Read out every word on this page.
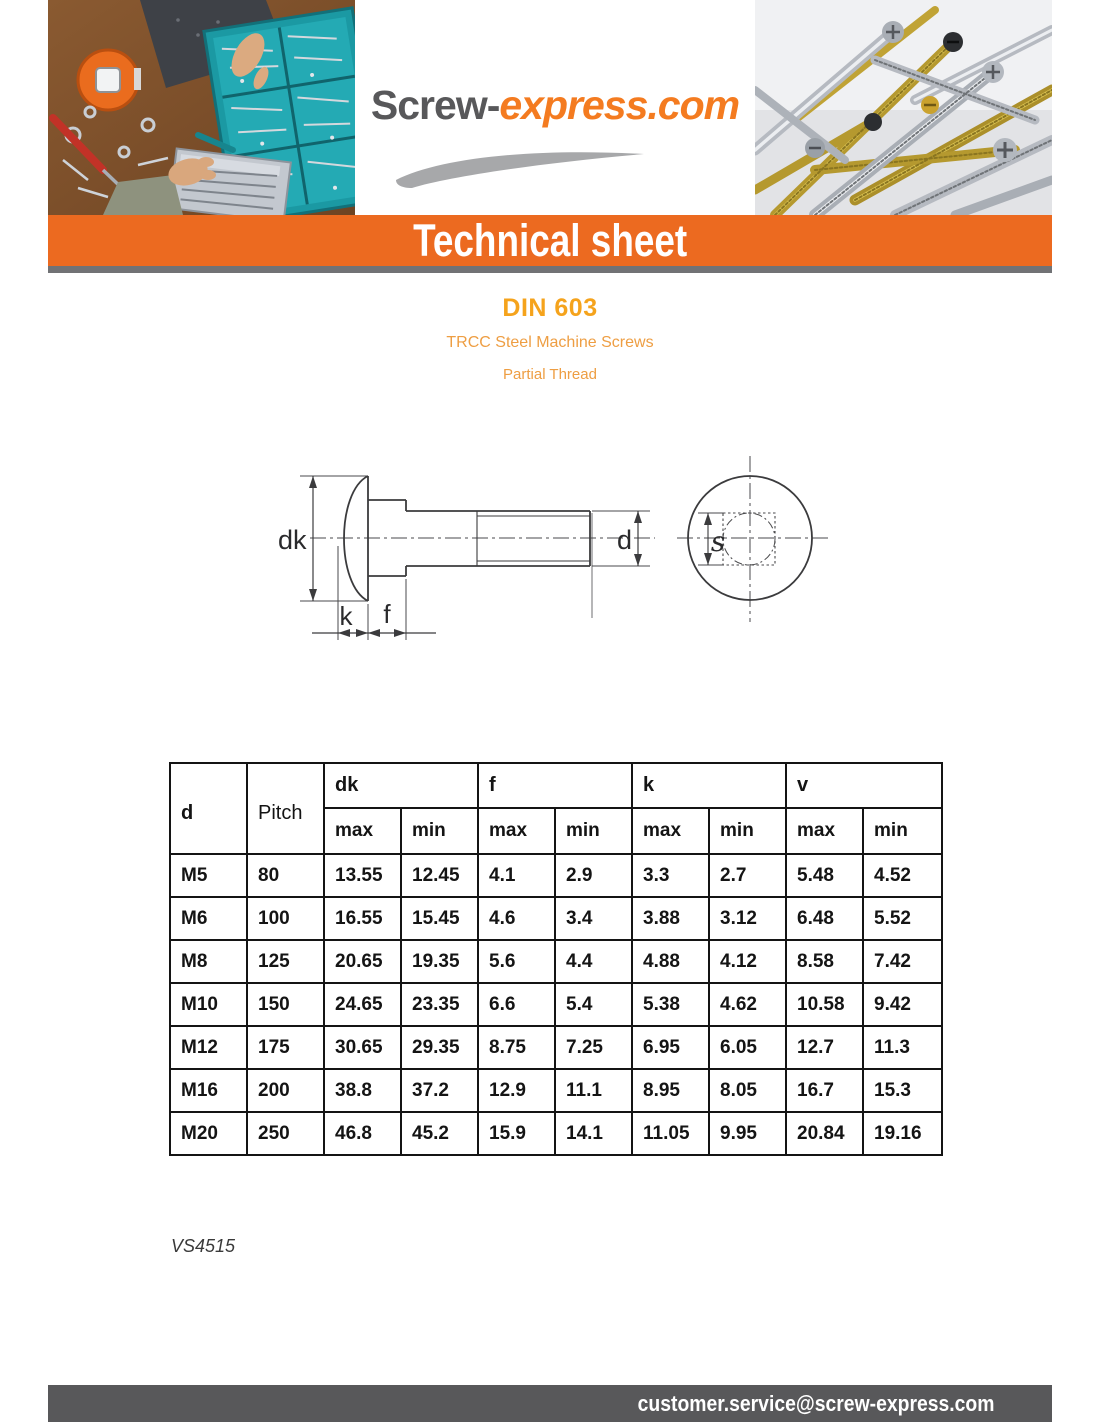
Screw-express.com
Technical sheet
DIN 603
TRCC Steel Machine Screws
Partial Thread
dk
k f
d	s
d	Pitch	dk		f		k		v	
		max	min	max	min	max	min	max	min
M5	80	13.55	12.45	4.1	2.9	3.3	2.7	5.48	4.52
M6	100	16.55	15.45	4.6	3.4	3.88	3.12	6.48	5.52
M8	125	20.65	19.35	5.6	4.4	4.88	4.12	8.58	7.42
M10	150	24.65	23.35	6.6	5.4	5.38	4.62	10.58	9.42
M12	175	30.65	29.35	8.75	7.25	6.95	6.05	12.7	11.3
M16	200	38.8	37.2	12.9	11.1	8.95	8.05	16.7	15.3
M20	250	46.8	45.2	15.9	14.1	11.05	9.95	20.84	19.16
VS4515
customer.service@screw-express.com
